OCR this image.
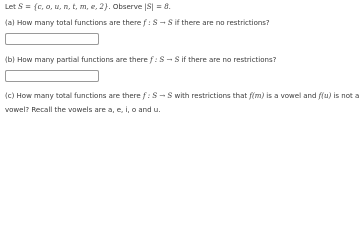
Let S = {c, o, u, n, t, m, e, 2}. Observe |S| = 8.
(a) How many total functions are there f : S → S if there are no restrictions?
(b) How many partial functions are there f : S → S if there are no restrictions?
(c) How many total functions are there f : S → S with restrictions that f(m) is a vowel and f(u) is not a
vowel? Recall the vowels are a, e, i, o and u.
